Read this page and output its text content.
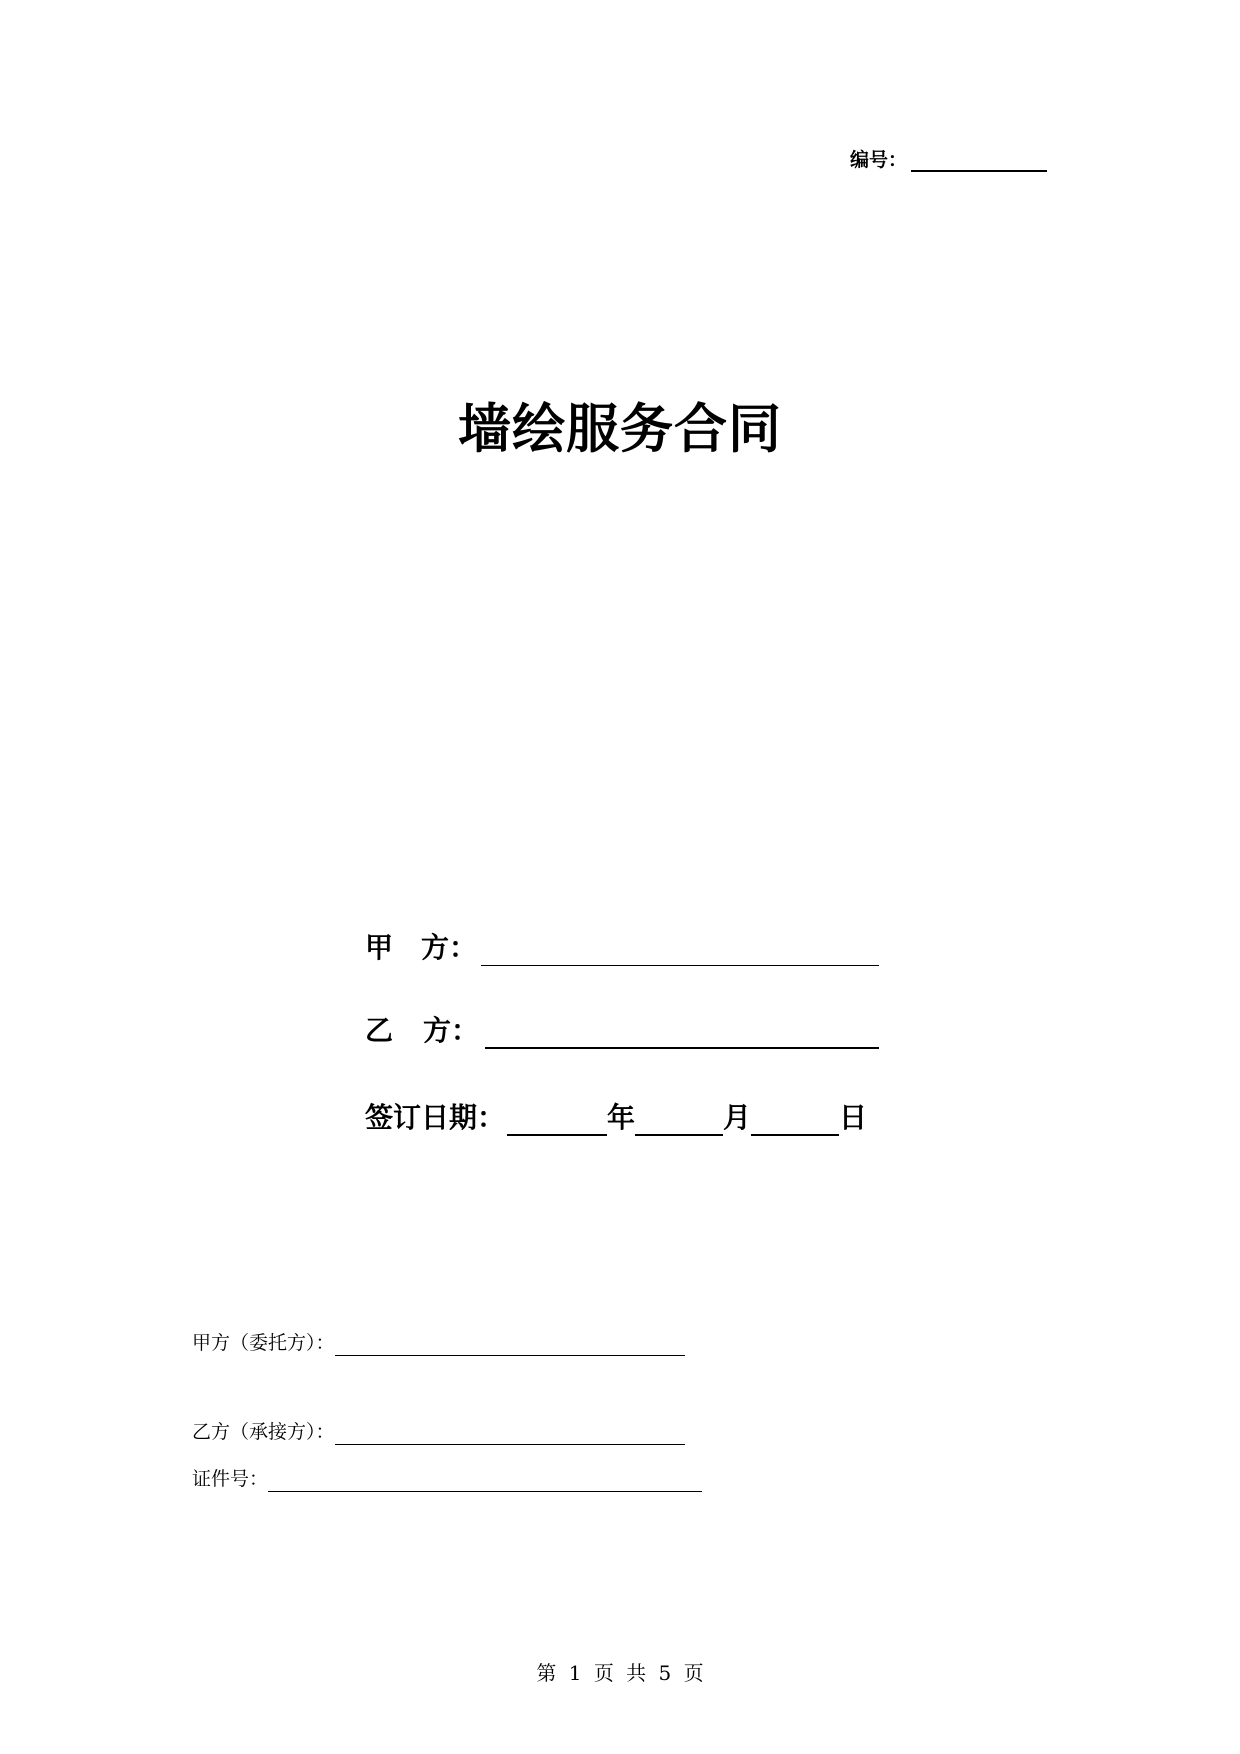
编号：
墙绘服务合同
甲 方：
乙 方：
签订日期：	年	月	日
甲方（委托方）：
乙方（承接方）：
证件号：
第 1 页 共 5 页
